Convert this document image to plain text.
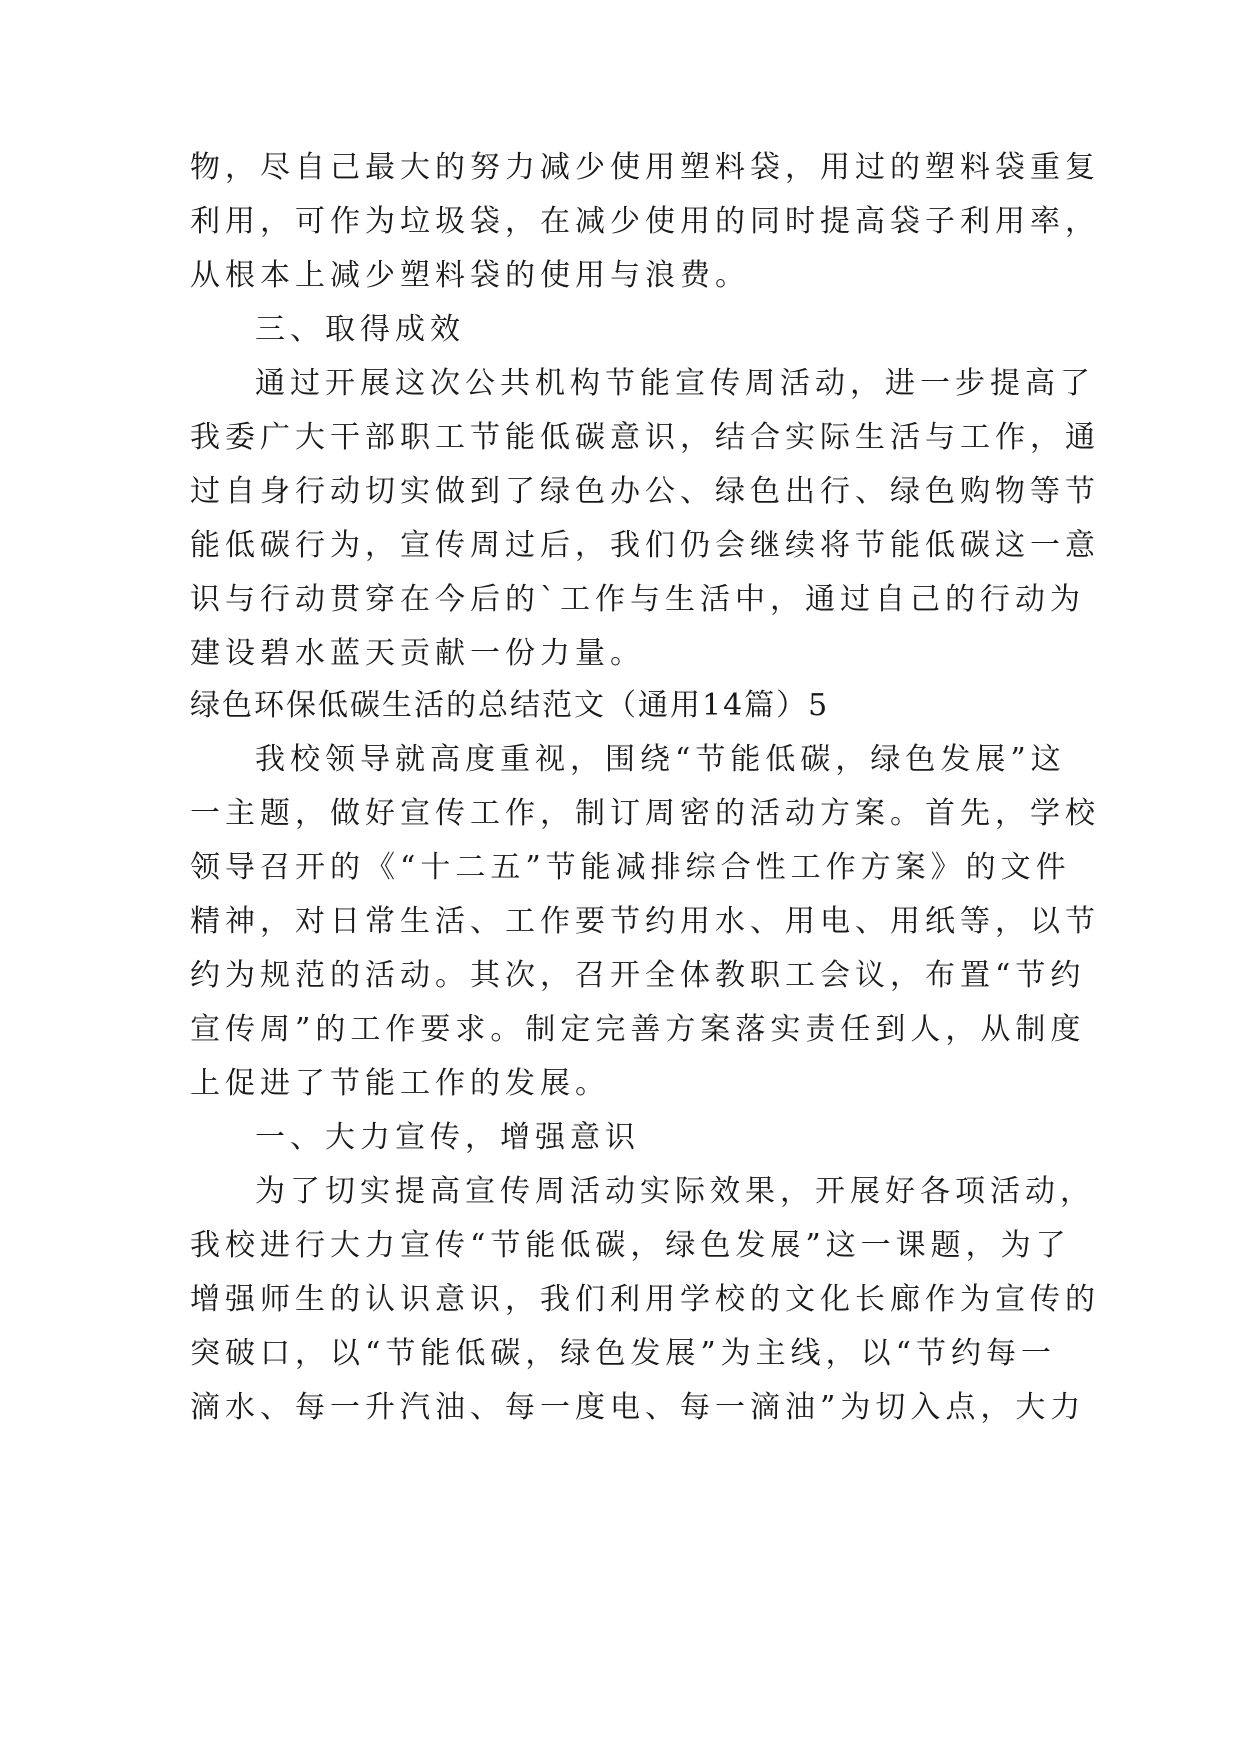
物，尽自己最大的努力减少使用塑料袋，用过的塑料袋重复
利用，可作为垃圾袋，在减少使用的同时提高袋子利用率，
从根本上减少塑料袋的使用与浪费。
三、取得成效
通过开展这次公共机构节能宣传周活动，进一步提高了
我委广大干部职工节能低碳意识，结合实际生活与工作，通
过自身行动切实做到了绿色办公、绿色出行、绿色购物等节
能低碳行为，宣传周过后，我们仍会继续将节能低碳这一意
识与行动贯穿在今后的`工作与生活中，通过自己的行动为
建设碧水蓝天贡献一份力量。
绿色环保低碳生活的总结范文（通用14篇）5
我校领导就高度重视，围绕“节能低碳，绿色发展”这
一主题，做好宣传工作，制订周密的活动方案。首先，学校
领导召开的《“十二五”节能减排综合性工作方案》的文件
精神，对日常生活、工作要节约用水、用电、用纸等，以节
约为规范的活动。其次，召开全体教职工会议，布置“节约
宣传周”的工作要求。制定完善方案落实责任到人，从制度
上促进了节能工作的发展。
一、大力宣传，增强意识
为了切实提高宣传周活动实际效果，开展好各项活动，
我校进行大力宣传“节能低碳，绿色发展”这一课题，为了
增强师生的认识意识，我们利用学校的文化长廊作为宣传的
突破口，以“节能低碳，绿色发展”为主线，以“节约每一
滴水、每一升汽油、每一度电、每一滴油”为切入点，大力
